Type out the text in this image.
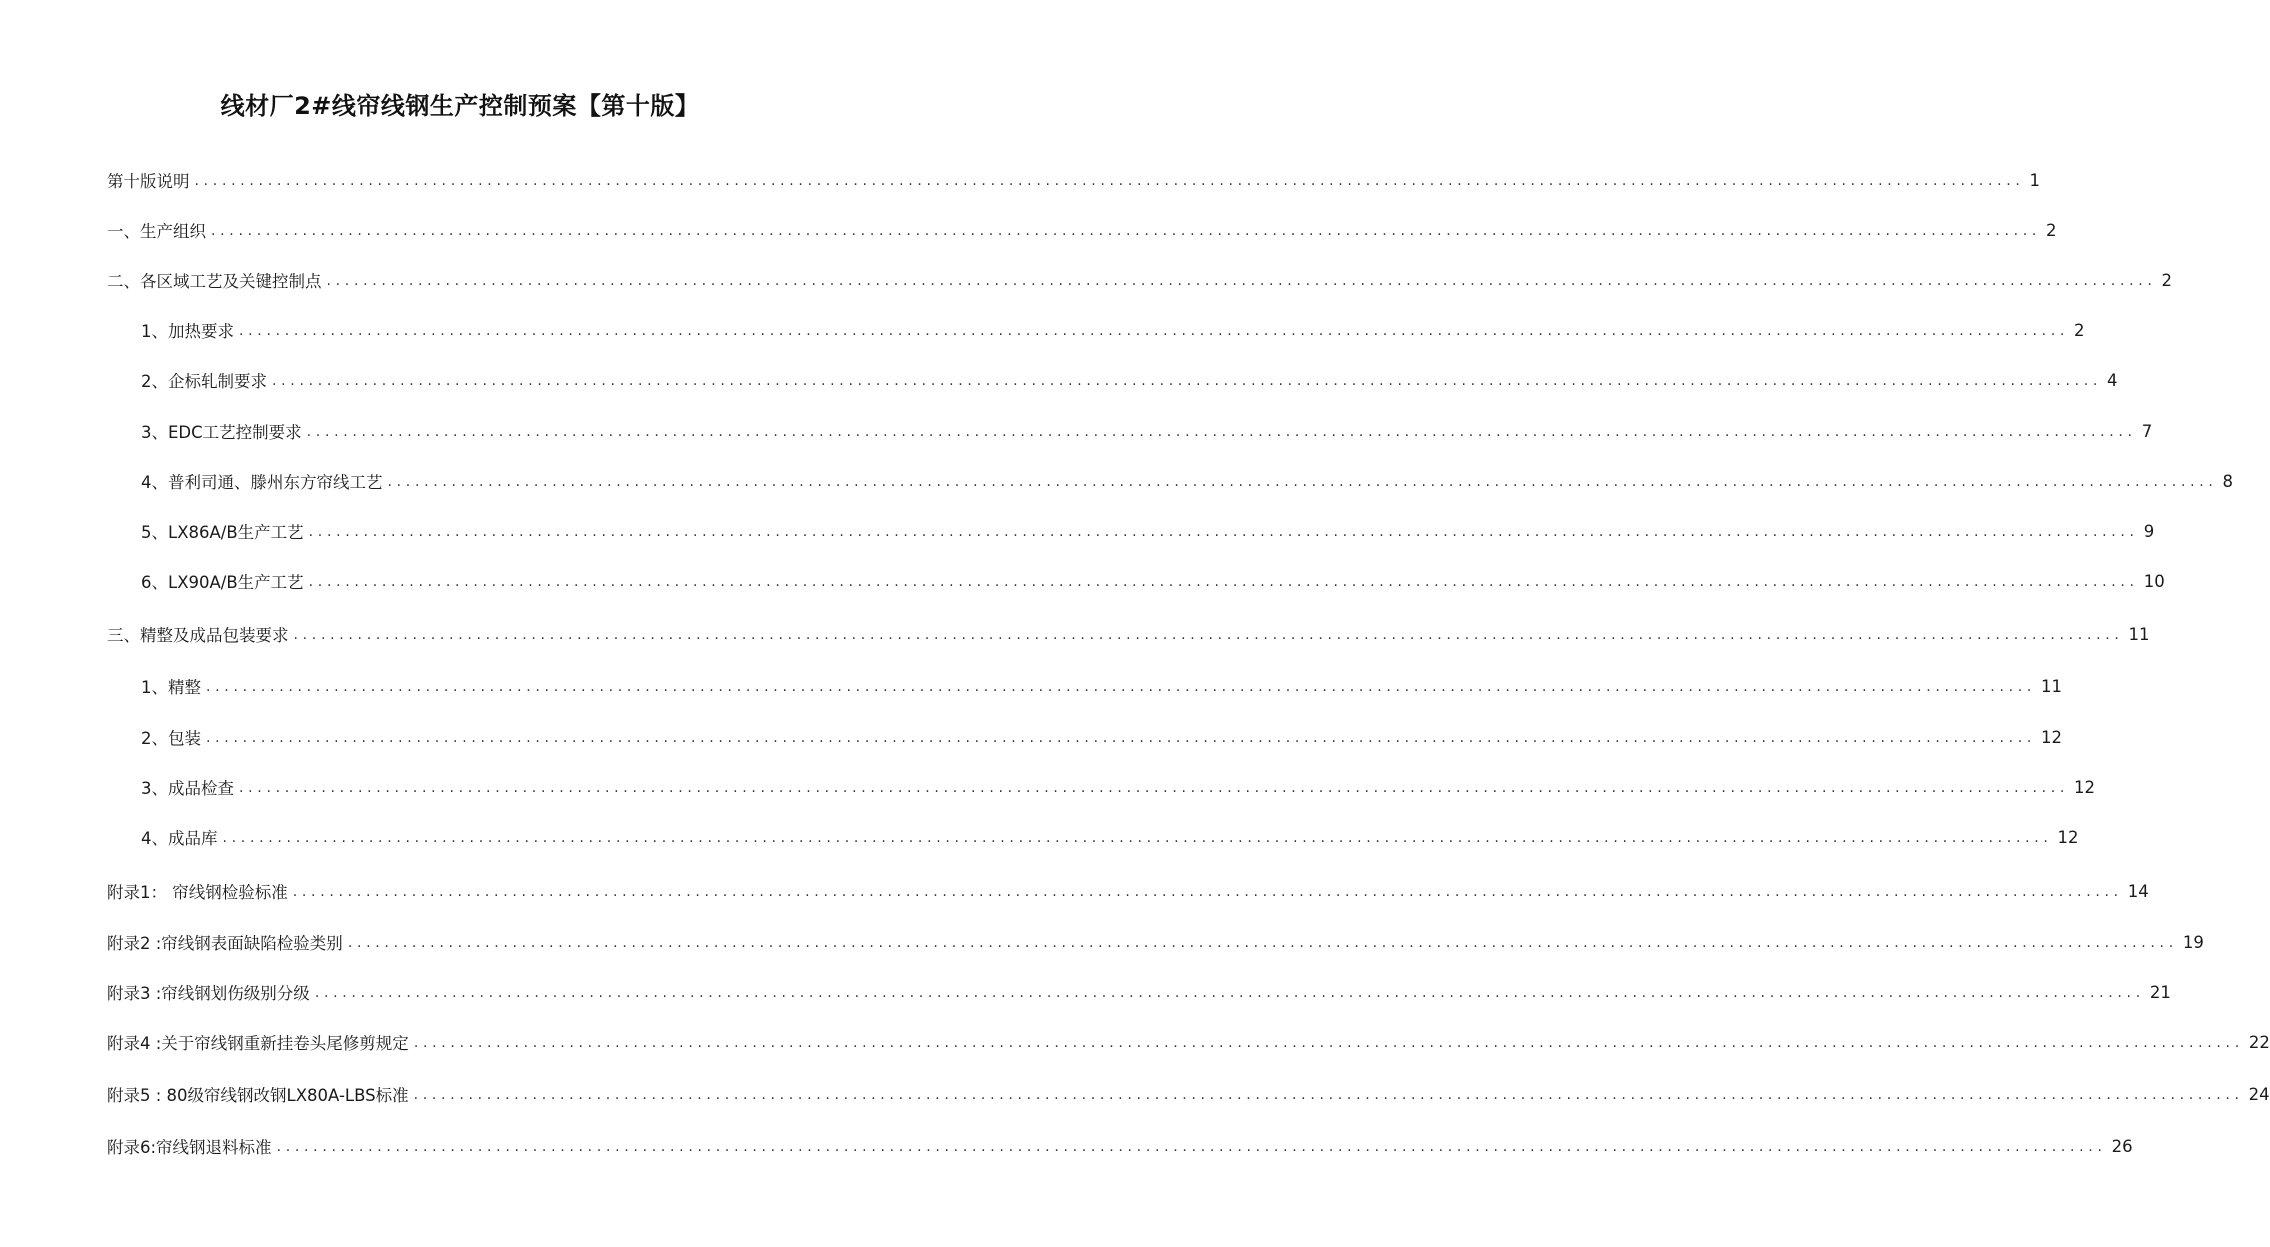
线材厂2#线帘线钢生产控制预案【第十版】
第十版说明 ........................................................................................................................................................................................................ 1
一、生产组织 ........................................................................................................................................................................................................ 2
二、各区域工艺及关键控制点 ........................................................................................................................................................................................................ 2
1、加热要求 ........................................................................................................................................................................................................ 2
2、企标轧制要求 ........................................................................................................................................................................................................ 4
3、EDC工艺控制要求 ........................................................................................................................................................................................................ 7
4、普利司通、滕州东方帘线工艺 ........................................................................................................................................................................................................ 8
5、LX86A/B生产工艺 ........................................................................................................................................................................................................ 9
6、LX90A/B生产工艺 ........................................................................................................................................................................................................ 10
三、精整及成品包装要求 ........................................................................................................................................................................................................ 11
1、精整 ........................................................................................................................................................................................................ 11
2、包装 ........................................................................................................................................................................................................ 12
3、成品检查 ........................................................................................................................................................................................................ 12
4、成品库 ........................................................................................................................................................................................................ 12
附录1： 帘线钢检验标准 ........................................................................................................................................................................................................ 14
附录2 :帘线钢表面缺陷检验类别 ........................................................................................................................................................................................................ 19
附录3 :帘线钢划伤级别分级 ........................................................................................................................................................................................................ 21
附录4 :关于帘线钢重新挂卷头尾修剪规定 ........................................................................................................................................................................................................ 22
附录5 : 80级帘线钢改钢LX80A-LBS标准 ........................................................................................................................................................................................................ 24
附录6:帘线钢退料标准 ........................................................................................................................................................................................................ 26
